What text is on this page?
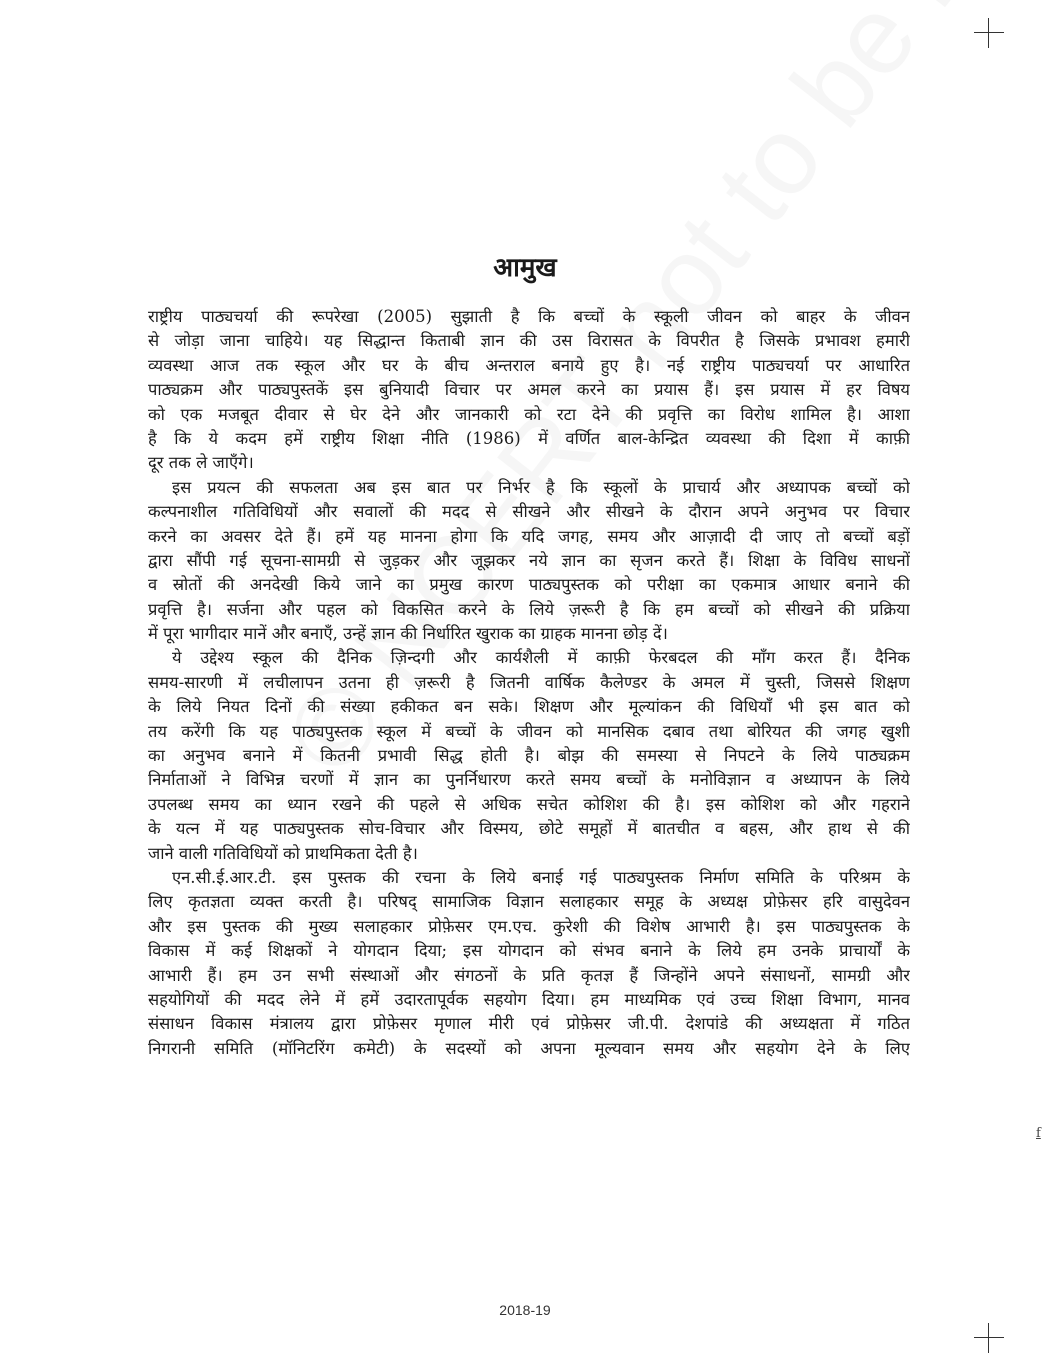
आमुख
राष्ट्रीय पाठ्यचर्या की रूपरेखा (2005) सुझाती है कि बच्चों के स्कूली जीवन को बाहर के जीवन
से जोड़ा जाना चाहिये। यह सिद्धान्त किताबी ज्ञान की उस विरासत के विपरीत है जिसके प्रभावश हमारी
व्यवस्था आज तक स्कूल और घर के बीच अन्तराल बनाये हुए है। नई राष्ट्रीय पाठ्यचर्या पर आधारित
पाठ्यक्रम और पाठ्यपुस्तकें इस बुनियादी विचार पर अमल करने का प्रयास हैं। इस प्रयास में हर विषय
को एक मजबूत दीवार से घेर देने और जानकारी को रटा देने की प्रवृत्ति का विरोध शामिल है। आशा
है कि ये कदम हमें राष्ट्रीय शिक्षा नीति (1986) में वर्णित बाल-केन्द्रित व्यवस्था की दिशा में काफ़ी
दूर तक ले जाएँगे।
इस प्रयत्न की सफलता अब इस बात पर निर्भर है कि स्कूलों के प्राचार्य और अध्यापक बच्चों को
कल्पनाशील गतिविधियों और सवालों की मदद से सीखने और सीखने के दौरान अपने अनुभव पर विचार
करने का अवसर देते हैं। हमें यह मानना होगा कि यदि जगह, समय और आज़ादी दी जाए तो बच्चों बड़ों
द्वारा सौंपी गई सूचना-सामग्री से जुड़कर और जूझकर नये ज्ञान का सृजन करते हैं। शिक्षा के विविध साधनों
व स्रोतों की अनदेखी किये जाने का प्रमुख कारण पाठ्यपुस्तक को परीक्षा का एकमात्र आधार बनाने की
प्रवृत्ति है। सर्जना और पहल को विकसित करने के लिये ज़रूरी है कि हम बच्चों को सीखने की प्रक्रिया
में पूरा भागीदार मानें और बनाएँ, उन्हें ज्ञान की निर्धारित खुराक का ग्राहक मानना छोड़ दें।
ये उद्देश्य स्कूल की दैनिक ज़िन्दगी और कार्यशैली में काफ़ी फेरबदल की माँग करत हैं। दैनिक
समय-सारणी में लचीलापन उतना ही ज़रूरी है जितनी वार्षिक कैलेण्डर के अमल में चुस्ती, जिससे शिक्षण
के लिये नियत दिनों की संख्या हकीकत बन सके। शिक्षण और मूल्यांकन की विधियाँ भी इस बात को
तय करेंगी कि यह पाठ्यपुस्तक स्कूल में बच्चों के जीवन को मानसिक दबाव तथा बोरियत की जगह खुशी
का अनुभव बनाने में कितनी प्रभावी सिद्ध होती है। बोझ की समस्या से निपटने के लिये पाठ्यक्रम
निर्माताओं ने विभिन्न चरणों में ज्ञान का पुनर्निधारण करते समय बच्चों के मनोविज्ञान व अध्यापन के लिये
उपलब्ध समय का ध्यान रखने की पहले से अधिक सचेत कोशिश की है। इस कोशिश को और गहराने
के यत्न में यह पाठ्यपुस्तक सोच-विचार और विस्मय, छोटे समूहों में बातचीत व बहस, और हाथ से की
जाने वाली गतिविधियों को प्राथमिकता देती है।
एन.सी.ई.आर.टी. इस पुस्तक की रचना के लिये बनाई गई पाठ्यपुस्तक निर्माण समिति के परिश्रम के
लिए कृतज्ञता व्यक्त करती है। परिषद् सामाजिक विज्ञान सलाहकार समूह के अध्यक्ष प्रोफ़ेसर हरि वासुदेवन
और इस पुस्तक की मुख्य सलाहकार प्रोफ़ेसर एम.एच. कुरेशी की विशेष आभारी है। इस पाठ्यपुस्तक के
विकास में कई शिक्षकों ने योगदान दिया; इस योगदान को संभव बनाने के लिये हम उनके प्राचार्यों के
आभारी हैं। हम उन सभी संस्थाओं और संगठनों के प्रति कृतज्ञ हैं जिन्होंने अपने संसाधनों, सामग्री और
सहयोगियों की मदद लेने में हमें उदारतापूर्वक सहयोग दिया। हम माध्यमिक एवं उच्च शिक्षा विभाग, मानव
संसाधन विकास मंत्रालय द्वारा प्रोफ़ेसर मृणाल मीरी एवं प्रोफ़ेसर जी.पी. देशपांडे की अध्यक्षता में गठित
निगरानी समिति (मॉनिटरिंग कमेटी) के सदस्यों को अपना मूल्यवान समय और सहयोग देने के लिए
f
2018-19
